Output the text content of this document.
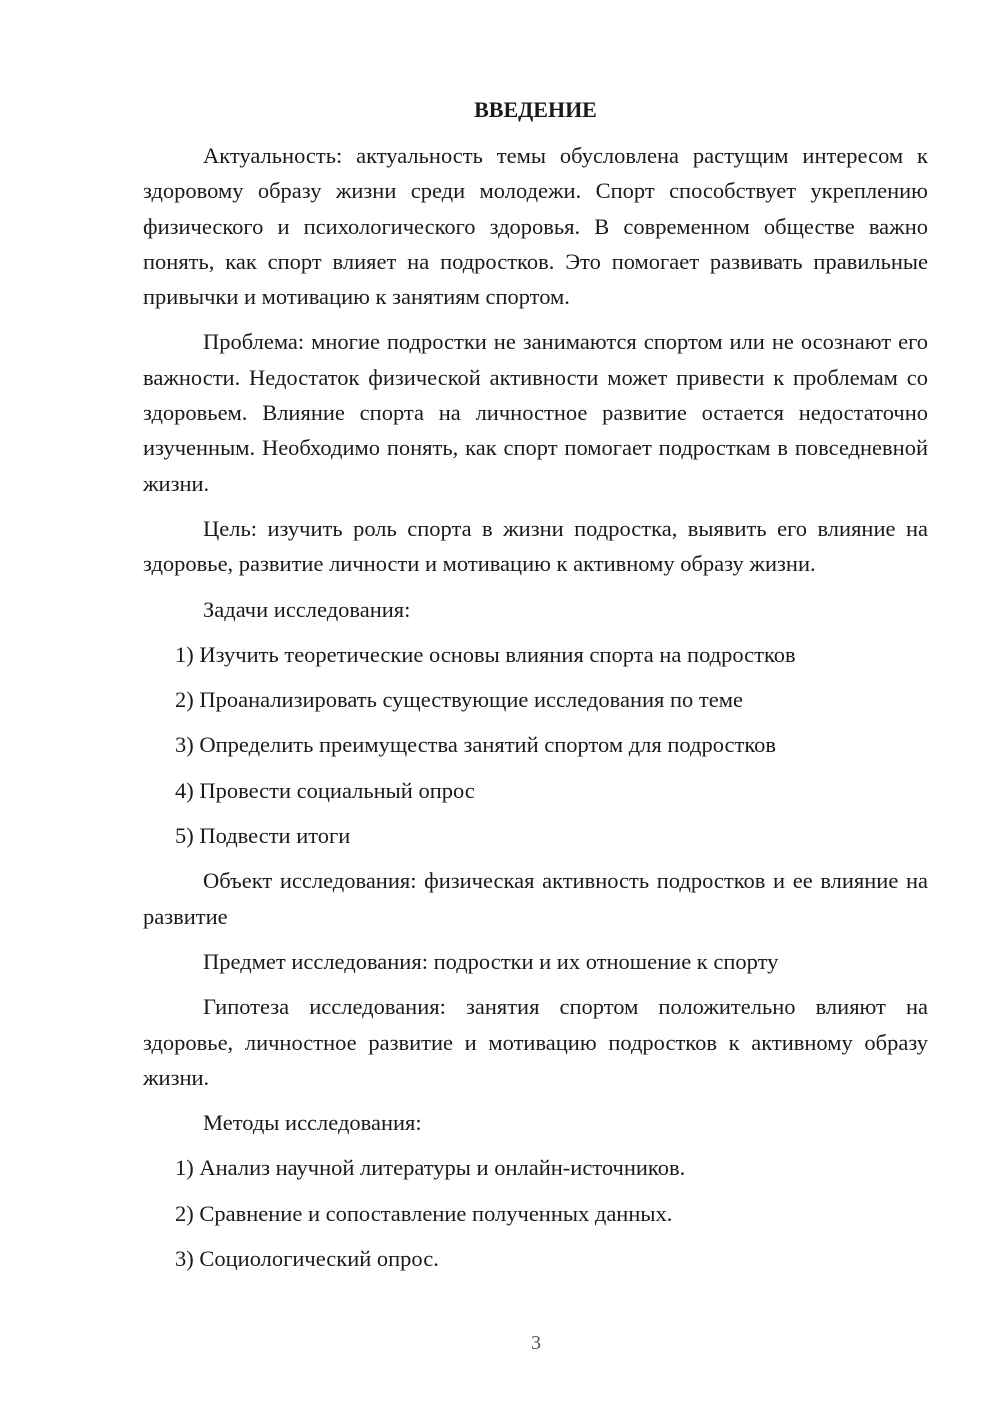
ВВЕДЕНИЕ

Актуальность: актуальность темы обусловлена растущим интересом к здоровому образу жизни среди молодежи. Спорт способствует укреплению физического и психологического здоровья. В современном обществе важно понять, как спорт влияет на подростков. Это помогает развивать правильные привычки и мотивацию к занятиям спортом.

Проблема: многие подростки не занимаются спортом или не осознают его важности. Недостаток физической активности может привести к проблемам со здоровьем. Влияние спорта на личностное развитие остается недостаточно изученным. Необходимо понять, как спорт помогает подросткам в повседневной жизни.

Цель: изучить роль спорта в жизни подростка, выявить его влияние на здоровье, развитие личности и мотивацию к активному образу жизни.

Задачи исследования:

1) Изучить теоретические основы влияния спорта на подростков
2) Проанализировать существующие исследования по теме
3) Определить преимущества занятий спортом для подростков
4) Провести социальный опрос
5) Подвести итоги

Объект исследования: физическая активность подростков и ее влияние на развитие

Предмет исследования: подростки и их отношение к спорту

Гипотеза исследования: занятия спортом положительно влияют на здоровье, личностное развитие и мотивацию подростков к активному образу жизни.

Методы исследования:

1) Анализ научной литературы и онлайн-источников.
2) Сравнение и сопоставление полученных данных.
3) Социологический опрос.
3
